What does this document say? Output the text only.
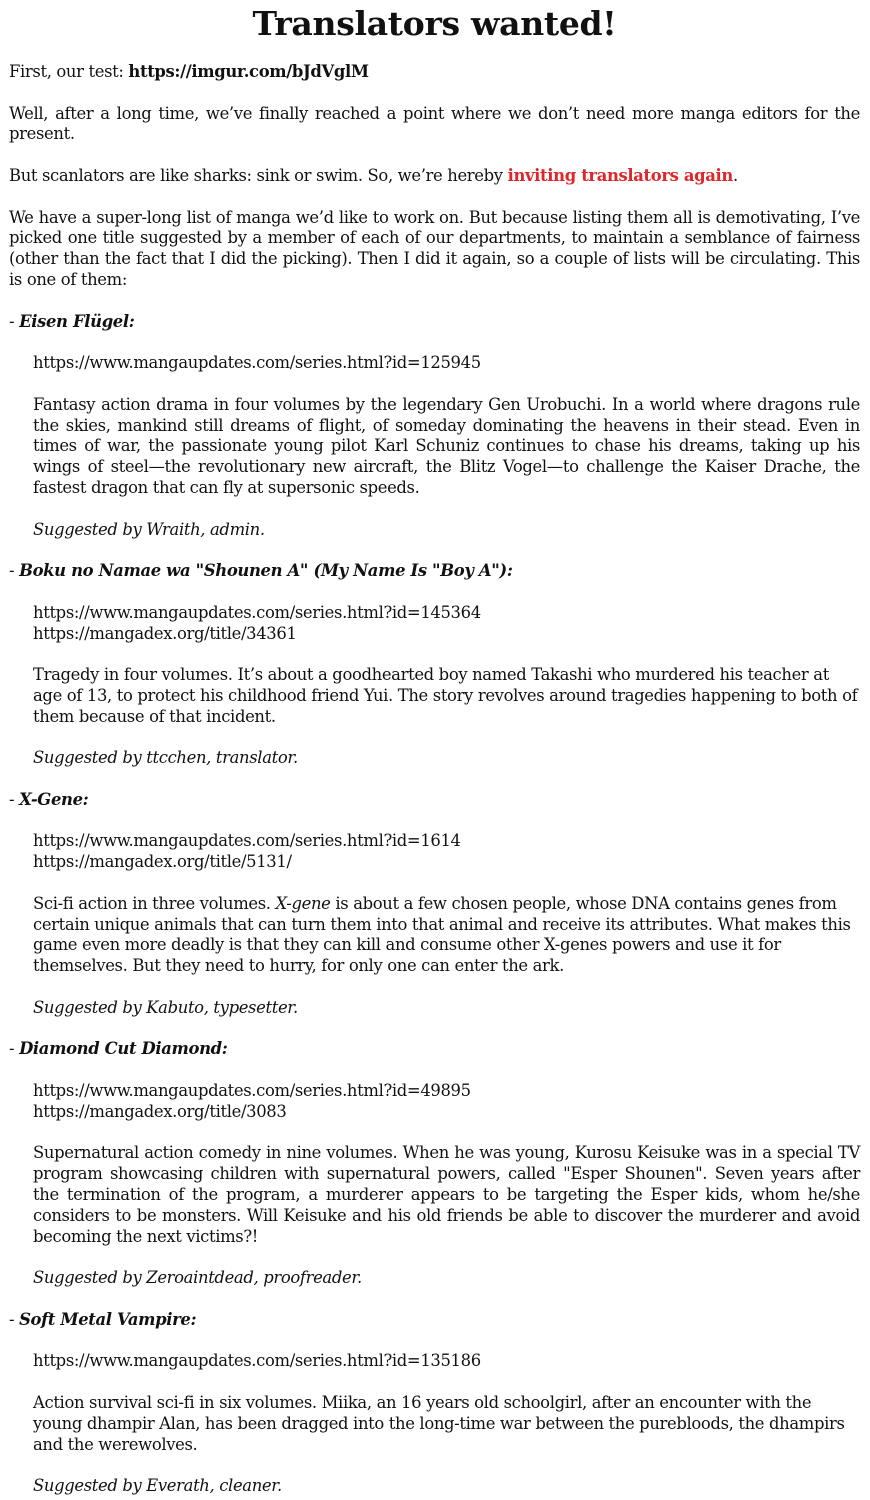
Translators wanted!

First, our test: https://imgur.com/bJdVglM

Well, after a long time, we’ve finally reached a point where we don’t need more manga editors for the present.

But scanlators are like sharks: sink or swim. So, we’re hereby inviting translators again.

We have a super-long list of manga we’d like to work on. But because listing them all is demotivating, I’ve picked one title suggested by a member of each of our departments, to maintain a semblance of fairness (other than the fact that I did the picking). Then I did it again, so a couple of lists will be circulating. This is one of them:

- Eisen Flügel:

https://www.mangaupdates.com/series.html?id=125945

Fantasy action drama in four volumes by the legendary Gen Urobuchi. In a world where dragons rule the skies, mankind still dreams of flight, of someday dominating the heavens in their stead. Even in times of war, the passionate young pilot Karl Schuniz continues to chase his dreams, taking up his wings of steel—the revolutionary new aircraft, the Blitz Vogel—to challenge the Kaiser Drache, the fastest dragon that can fly at supersonic speeds.

Suggested by Wraith, admin.

- Boku no Namae wa "Shounen A" (My Name Is "Boy A"):

https://www.mangaupdates.com/series.html?id=145364
https://mangadex.org/title/34361

Tragedy in four volumes. It’s about a goodhearted boy named Takashi who murdered his teacher at age of 13, to protect his childhood friend Yui. The story revolves around tragedies happening to both of them because of that incident.

Suggested by ttcchen, translator.

- X-Gene:

https://www.mangaupdates.com/series.html?id=1614
https://mangadex.org/title/5131/

Sci-fi action in three volumes. X-gene is about a few chosen people, whose DNA contains genes from certain unique animals that can turn them into that animal and receive its attributes. What makes this game even more deadly is that they can kill and consume other X-genes powers and use it for themselves. But they need to hurry, for only one can enter the ark.

Suggested by Kabuto, typesetter.

- Diamond Cut Diamond:

https://www.mangaupdates.com/series.html?id=49895
https://mangadex.org/title/3083

Supernatural action comedy in nine volumes. When he was young, Kurosu Keisuke was in a special TV program showcasing children with supernatural powers, called "Esper Shounen". Seven years after the termination of the program, a murderer appears to be targeting the Esper kids, whom he/she considers to be monsters. Will Keisuke and his old friends be able to discover the murderer and avoid becoming the next victims?!

Suggested by Zeroaintdead, proofreader.

- Soft Metal Vampire:

https://www.mangaupdates.com/series.html?id=135186

Action survival sci-fi in six volumes. Miika, an 16 years old schoolgirl, after an encounter with the young dhampir Alan, has been dragged into the long-time war between the purebloods, the dhampirs and the werewolves.

Suggested by Everath, cleaner.
